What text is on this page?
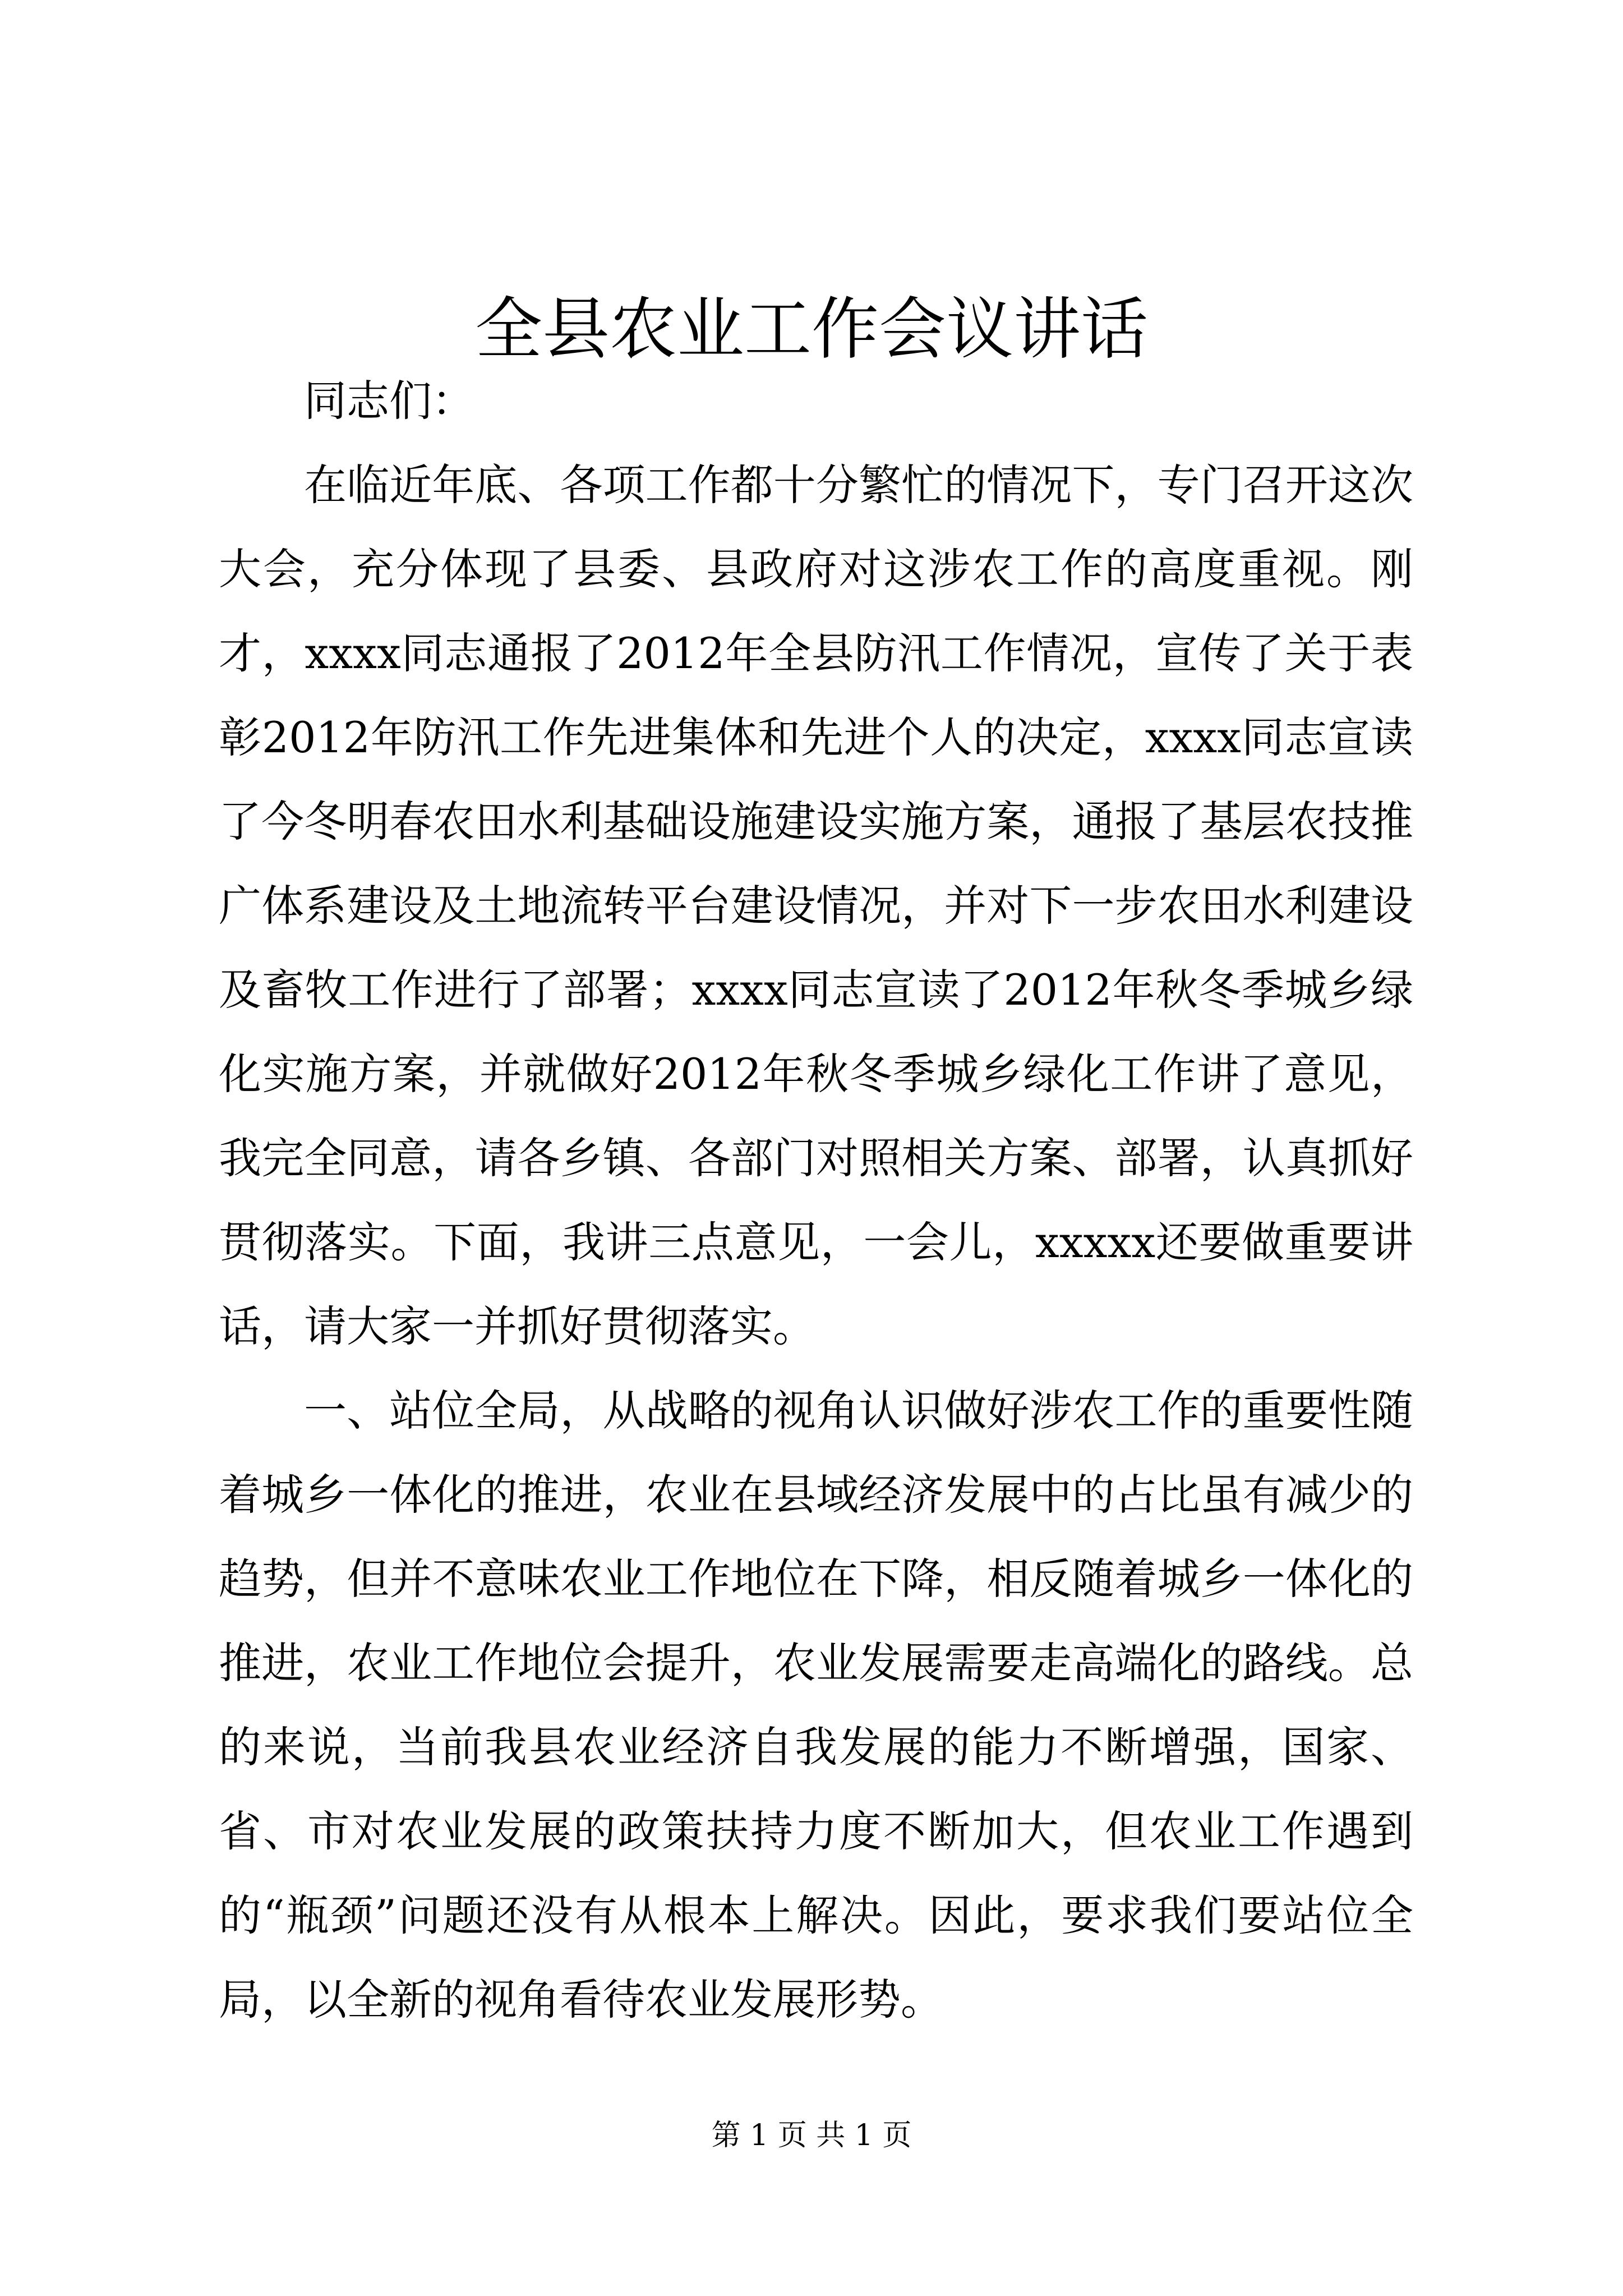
全县农业工作会议讲话

同志们：

在临近年底、各项工作都十分繁忙的情况下，专门召开这次大会，充分体现了县委、县政府对这涉农工作的高度重视。刚才，xxxx同志通报了2012年全县防汛工作情况，宣传了关于表彰2012年防汛工作先进集体和先进个人的决定，xxxx同志宣读了今冬明春农田水利基础设施建设实施方案，通报了基层农技推广体系建设及土地流转平台建设情况，并对下一步农田水利建设及畜牧工作进行了部署；xxxx同志宣读了2012年秋冬季城乡绿化实施方案，并就做好2012年秋冬季城乡绿化工作讲了意见，我完全同意，请各乡镇、各部门对照相关方案、部署，认真抓好贯彻落实。下面，我讲三点意见，一会儿，xxxxx还要做重要讲话，请大家一并抓好贯彻落实。

一、站位全局，从战略的视角认识做好涉农工作的重要性随着城乡一体化的推进，农业在县域经济发展中的占比虽有减少的趋势，但并不意味农业工作地位在下降，相反随着城乡一体化的推进，农业工作地位会提升，农业发展需要走高端化的路线。总的来说，当前我县农业经济自我发展的能力不断增强，国家、省、市对农业发展的政策扶持力度不断加大，但农业工作遇到的“瓶颈”问题还没有从根本上解决。因此，要求我们要站位全局，以全新的视角看待农业发展形势。

第 1 页 共 1 页
